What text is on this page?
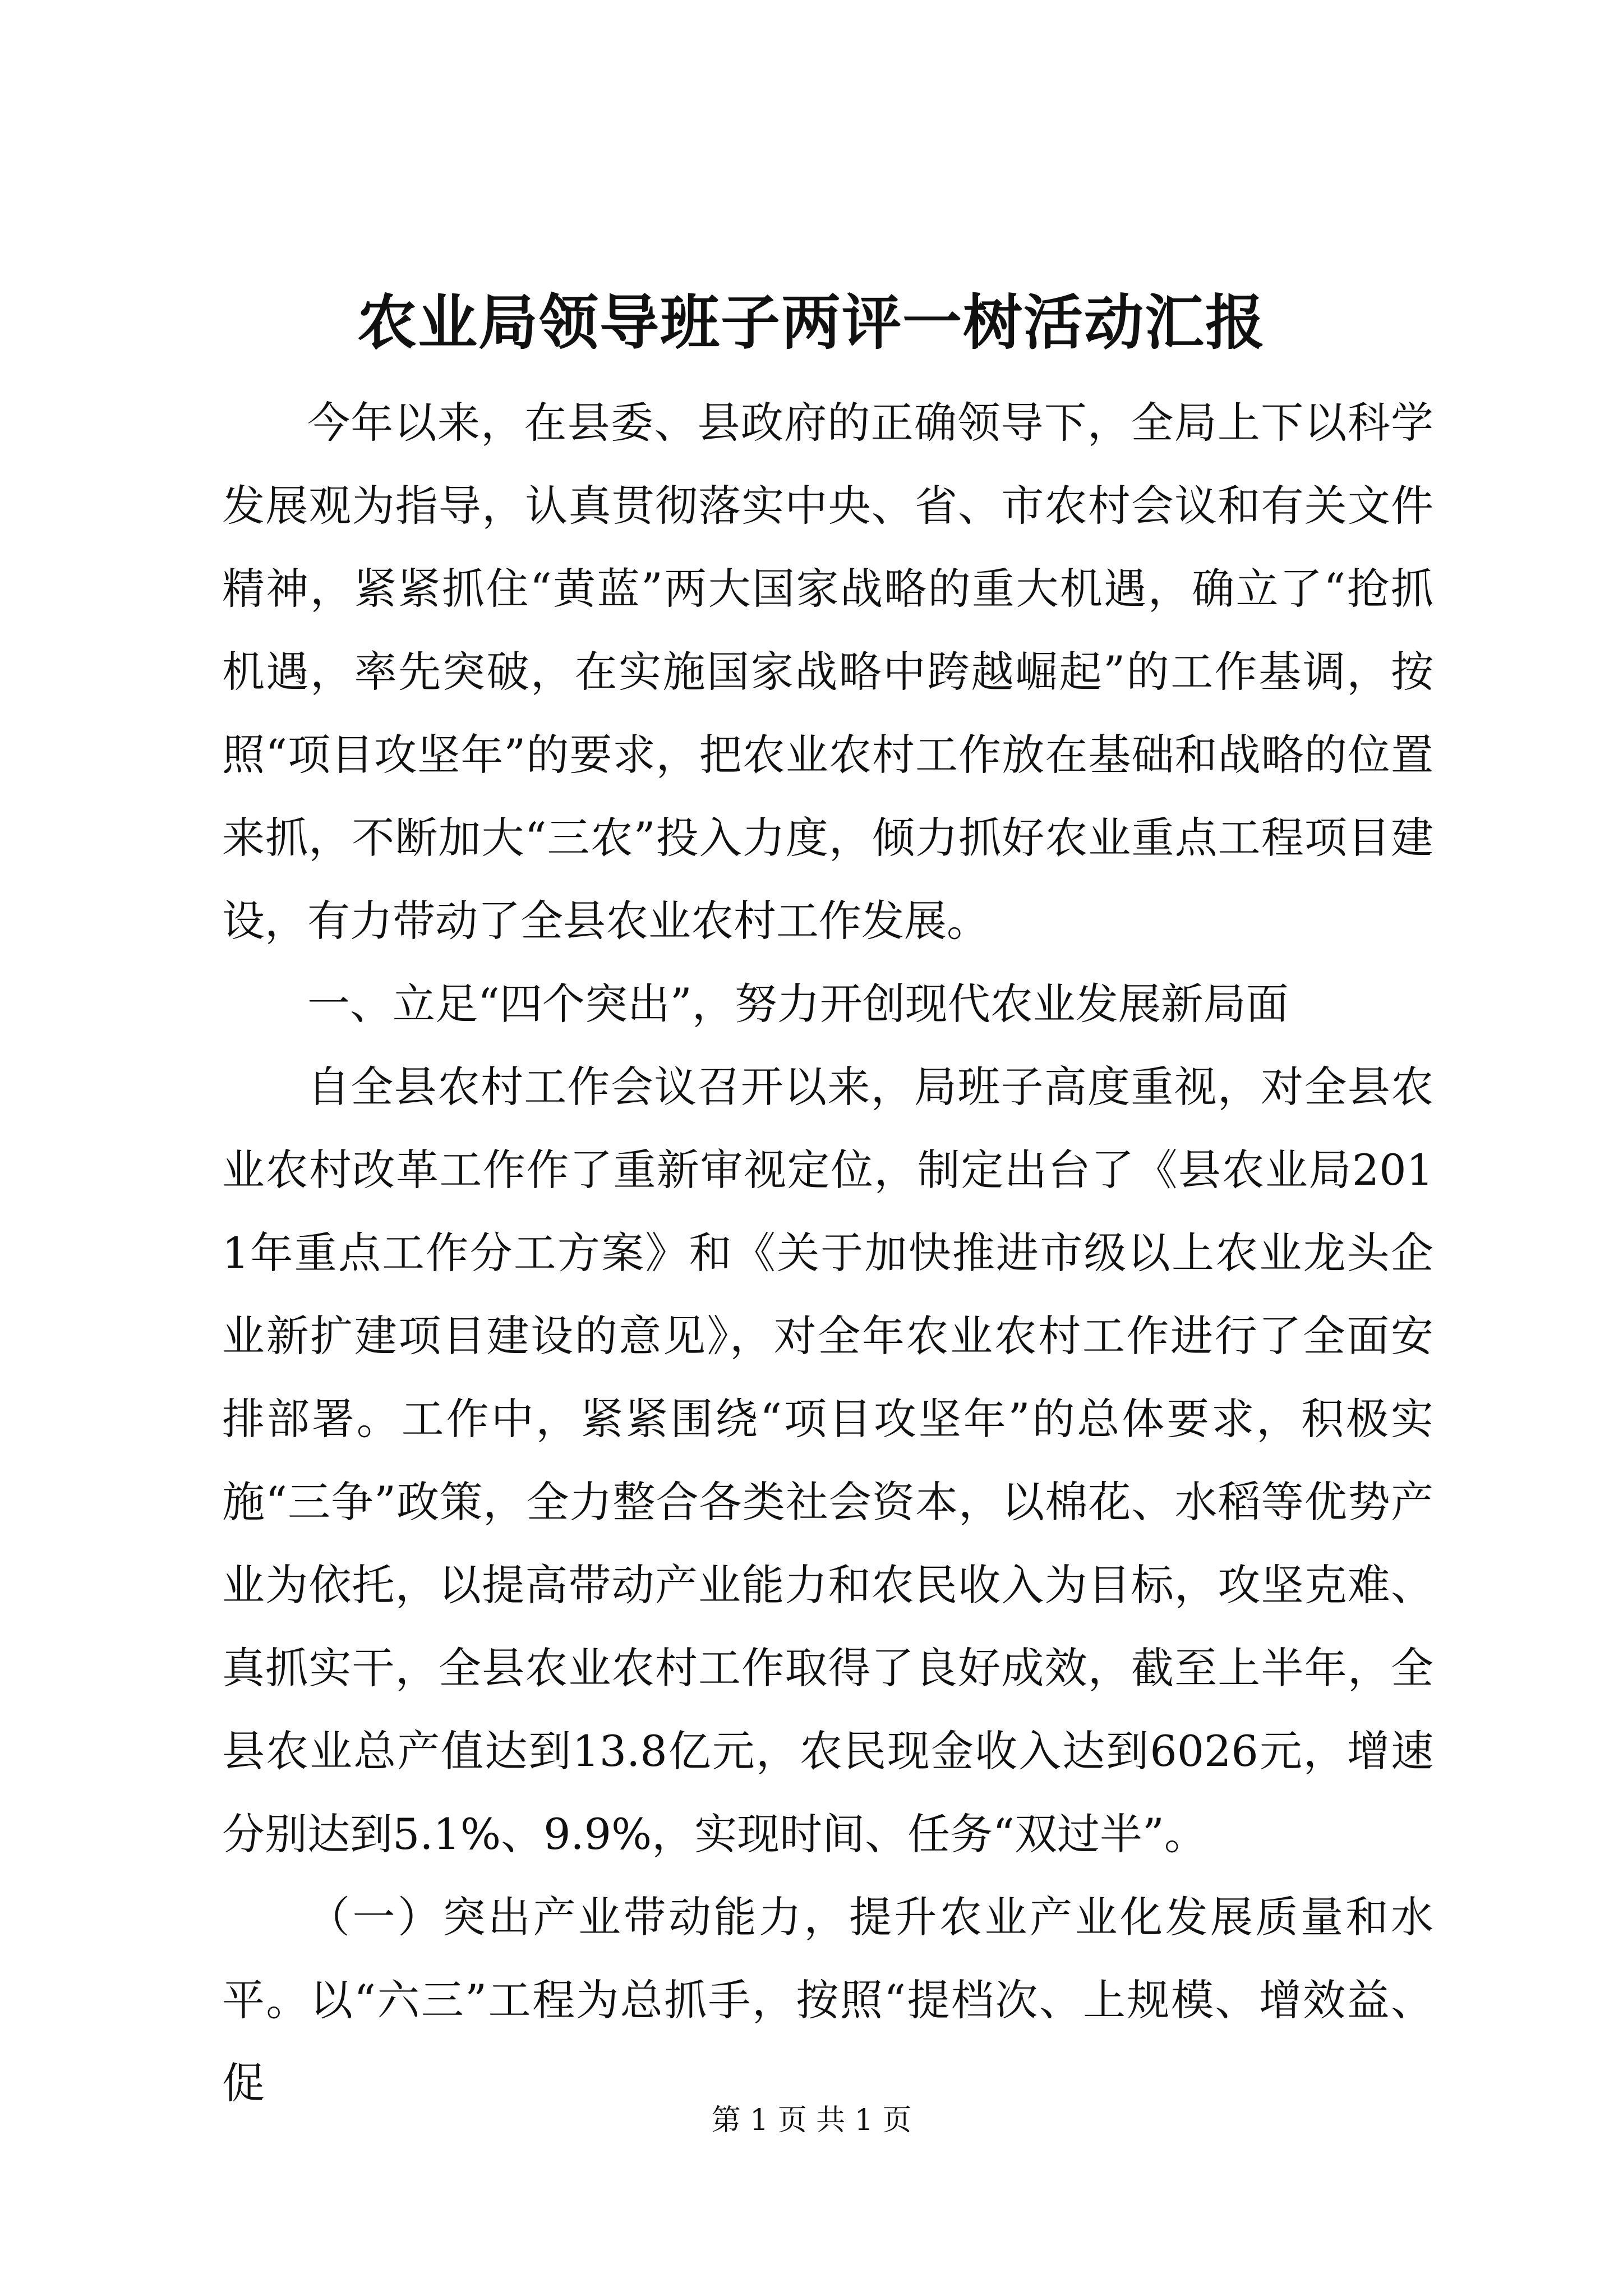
农业局领导班子两评一树活动汇报

今年以来，在县委、县政府的正确领导下，全局上下以科学发展观为指导，认真贯彻落实中央、省、市农村会议和有关文件精神，紧紧抓住“黄蓝”两大国家战略的重大机遇，确立了“抢抓机遇，率先突破，在实施国家战略中跨越崛起”的工作基调，按照“项目攻坚年”的要求，把农业农村工作放在基础和战略的位置来抓，不断加大“三农”投入力度，倾力抓好农业重点工程项目建设，有力带动了全县农业农村工作发展。

一、立足“四个突出”，努力开创现代农业发展新局面

自全县农村工作会议召开以来，局班子高度重视，对全县农业农村改革工作作了重新审视定位，制定出台了《县农业局2011年重点工作分工方案》和《关于加快推进市级以上农业龙头企业新扩建项目建设的意见》，对全年农业农村工作进行了全面安排部署。工作中，紧紧围绕“项目攻坚年”的总体要求，积极实施“三争”政策，全力整合各类社会资本，以棉花、水稻等优势产业为依托，以提高带动产业能力和农民收入为目标，攻坚克难、真抓实干，全县农业农村工作取得了良好成效，截至上半年，全县农业总产值达到13.8亿元，农民现金收入达到6026元，增速分别达到5.1%、9.9%，实现时间、任务“双过半”。

（一）突出产业带动能力，提升农业产业化发展质量和水平。以“六三”工程为总抓手，按照“提档次、上规模、增效益、促

第 1 页 共 1 页
